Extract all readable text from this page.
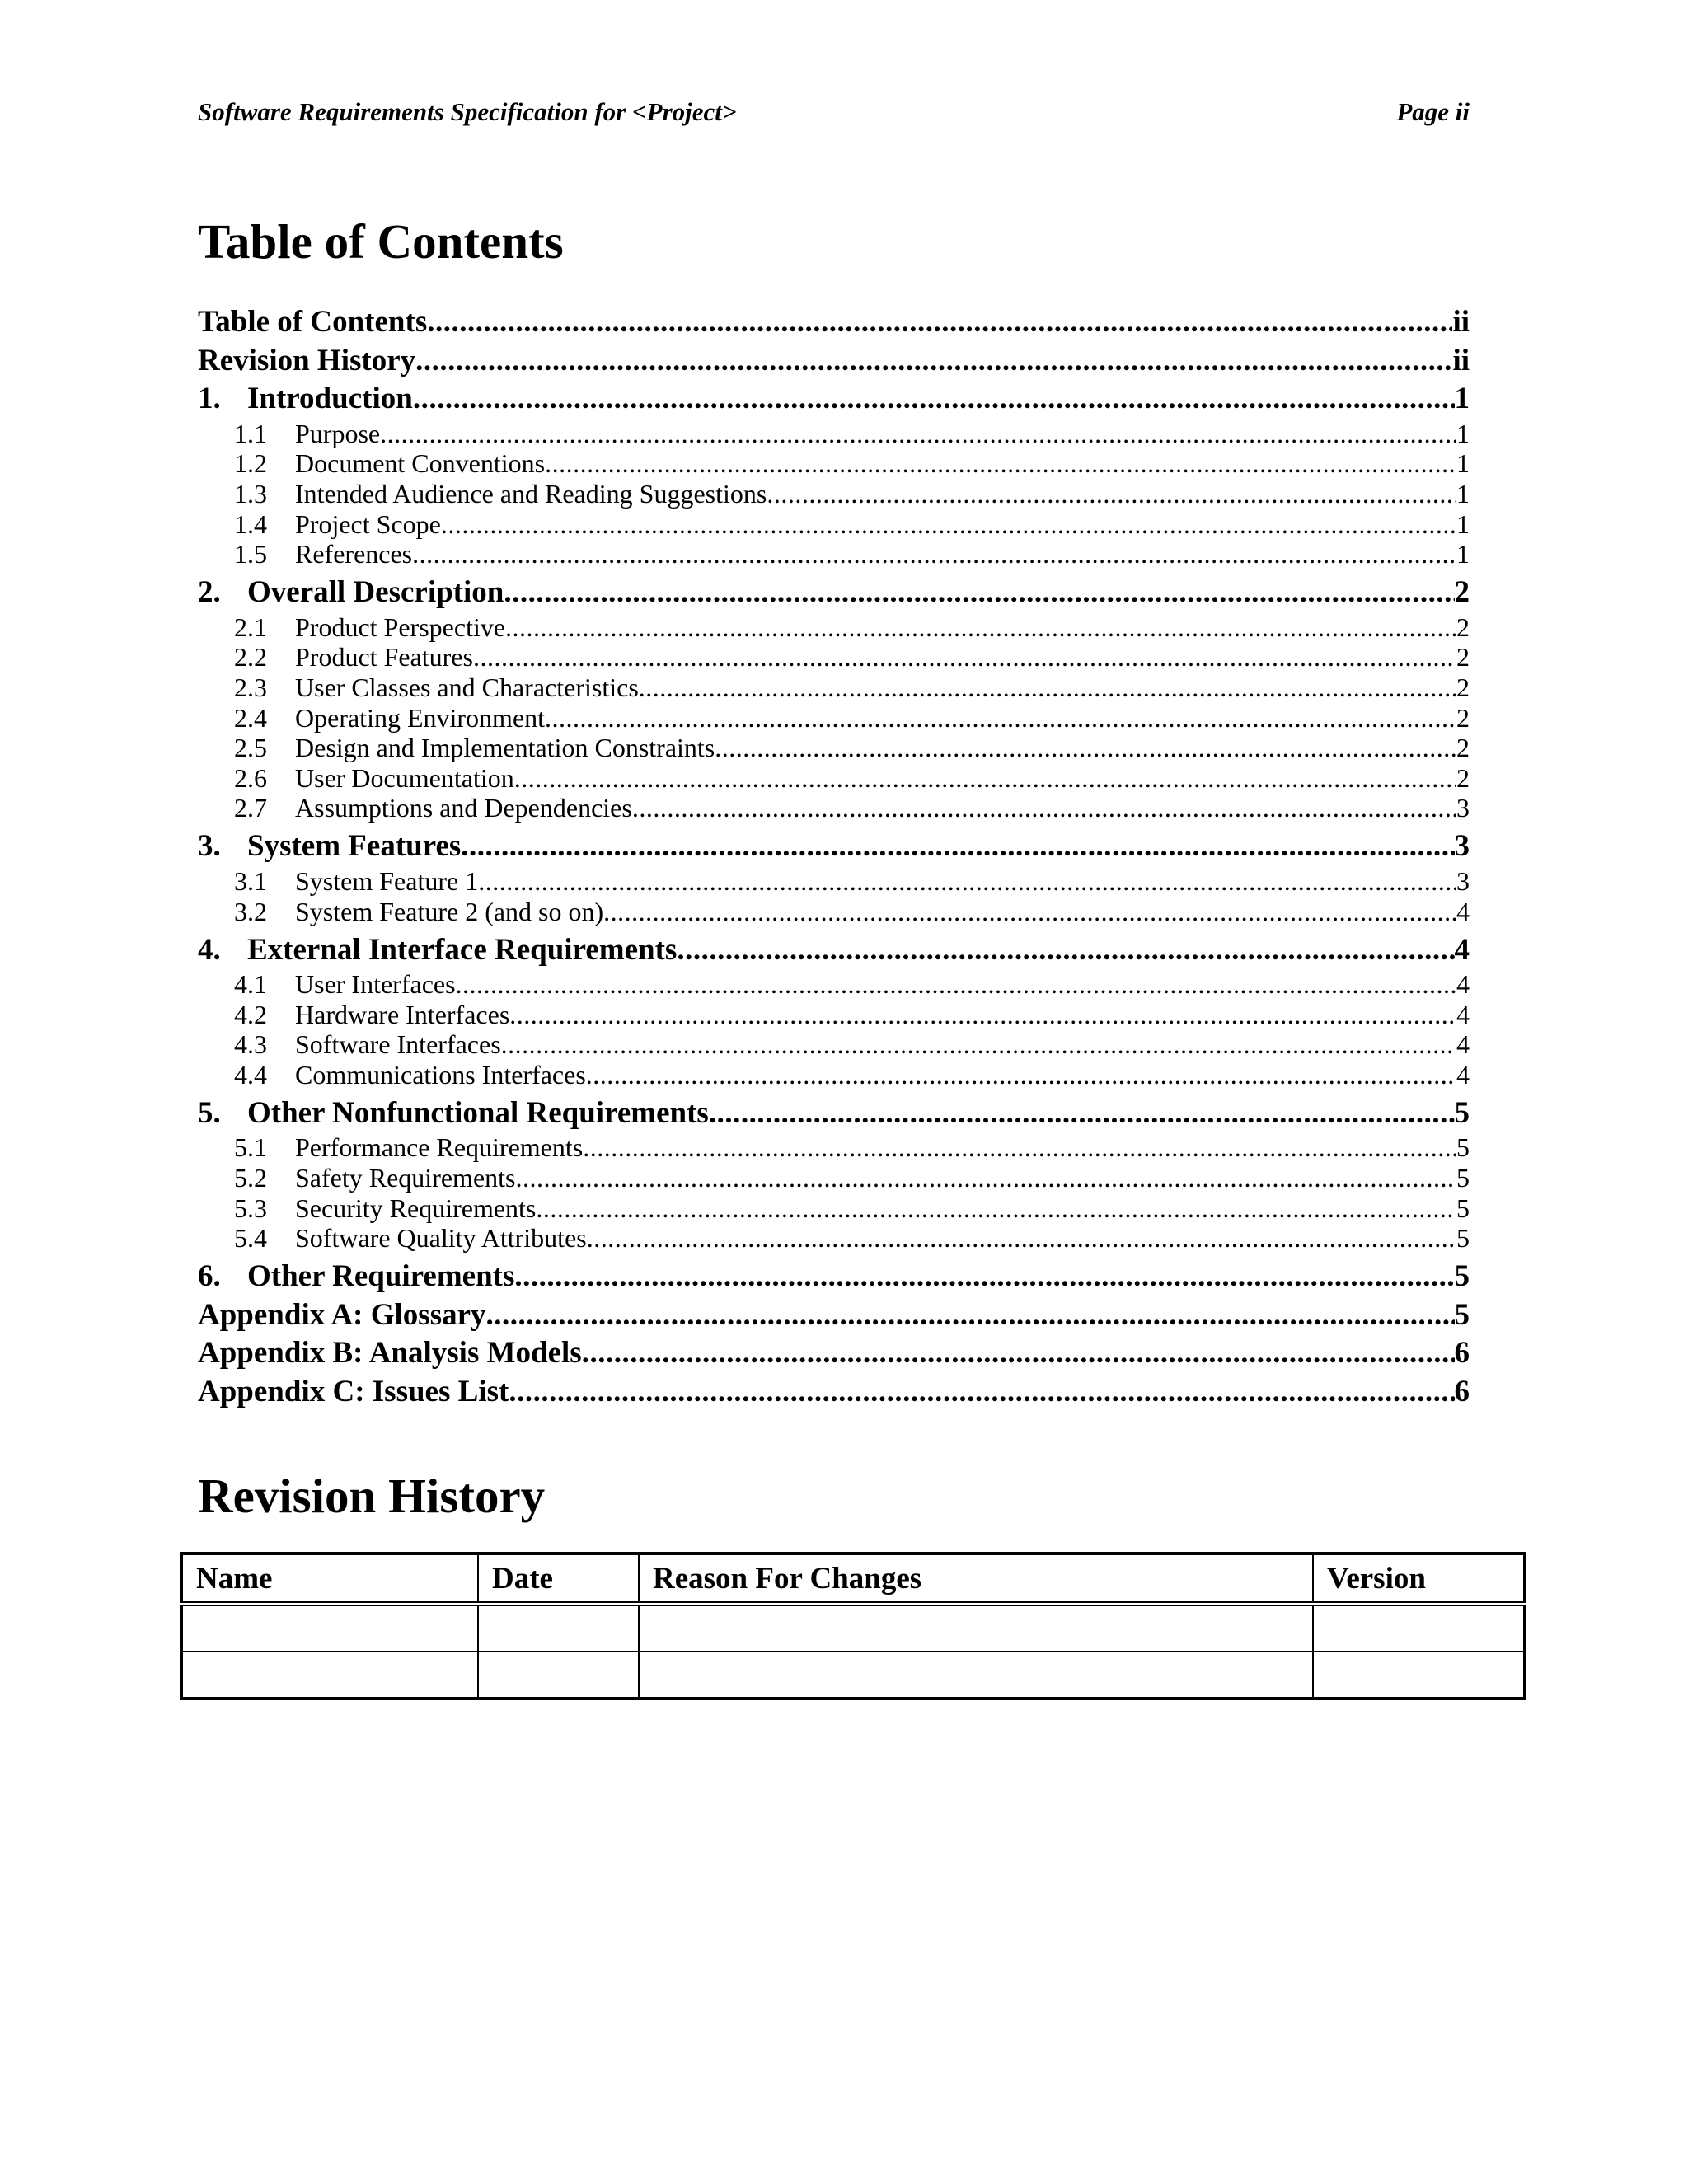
Software Requirements Specification for <Project>	Page ii
Table of Contents
Table of Contents .....	ii
Revision History .....	ii
1. Introduction .....	1
1.1 Purpose .....	1
1.2 Document Conventions .....	1
1.3 Intended Audience and Reading Suggestions .....	1
1.4 Project Scope .....	1
1.5 References .....	1
2. Overall Description .....	2
2.1 Product Perspective .....	2
2.2 Product Features .....	2
2.3 User Classes and Characteristics .....	2
2.4 Operating Environment .....	2
2.5 Design and Implementation Constraints .....	2
2.6 User Documentation .....	2
2.7 Assumptions and Dependencies .....	3
3. System Features .....	3
3.1 System Feature 1 .....	3
3.2 System Feature 2 (and so on) .....	4
4. External Interface Requirements .....	4
4.1 User Interfaces .....	4
4.2 Hardware Interfaces .....	4
4.3 Software Interfaces .....	4
4.4 Communications Interfaces .....	4
5. Other Nonfunctional Requirements .....	5
5.1 Performance Requirements .....	5
5.2 Safety Requirements .....	5
5.3 Security Requirements .....	5
5.4 Software Quality Attributes .....	5
6. Other Requirements .....	5
Appendix A: Glossary .....	5
Appendix B: Analysis Models .....	6
Appendix C: Issues List .....	6
Revision History
Name	Date	Reason For Changes	Version
